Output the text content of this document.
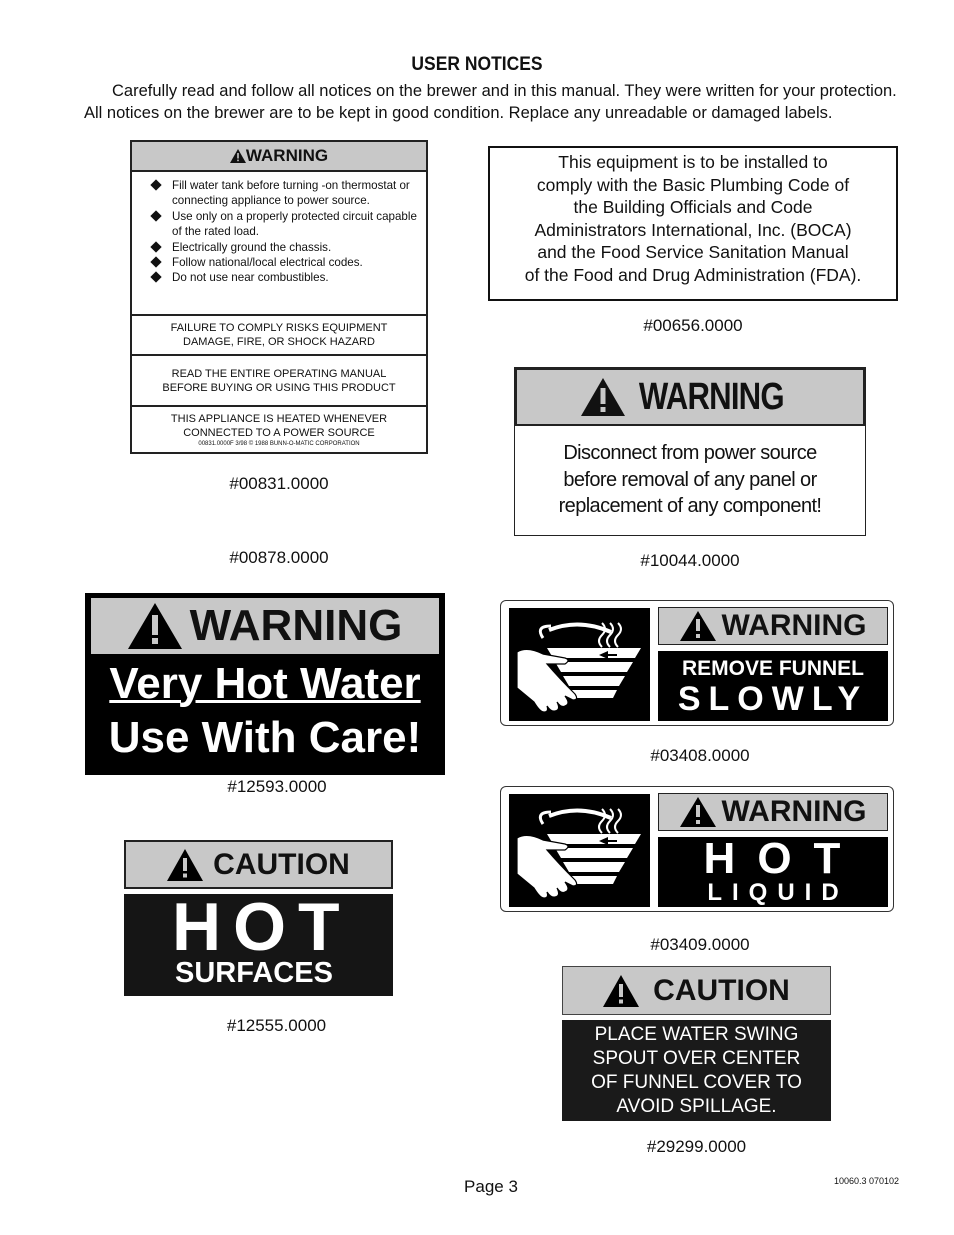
USER NOTICES

Carefully read and follow all notices on the brewer and in this manual. They were written for your protection.

All notices on the brewer are to be kept in good condition. Replace any unreadable or damaged labels.

WARNING
Fill water tank before turning -on thermostat or connecting appliance to power source.
Use only on a properly protected circuit capable of the rated load.
Electrically ground the chassis.
Follow national/local electrical codes.
Do not use near combustibles.
FAILURE TO COMPLY RISKS EQUIPMENT
DAMAGE, FIRE, OR SHOCK HAZARD
READ THE ENTIRE OPERATING MANUAL
BEFORE BUYING OR USING THIS PRODUCT
THIS APPLIANCE IS HEATED WHENEVER
CONNECTED TO A POWER SOURCE
00831.0000F 3/98 © 1988 BUNN-O-MATIC CORPORATION
#00831.0000
#00878.0000
This equipment is to be installed to
comply with the Basic Plumbing Code of
the Building Officials and Code
Administrators International, Inc. (BOCA)
and the Food Service Sanitation Manual
of the Food and Drug Administration (FDA).
#00656.0000
WARNING
Disconnect from power source
before removal of any panel or
replacement of any component!
#10044.0000
WARNING
Very Hot Water
Use With Care!
#12593.0000
CAUTION
HOT
SURFACES
#12555.0000
WARNING
REMOVE FUNNEL
SLOWLY
#03408.0000
WARNING
HOT
LIQUID
#03409.0000
CAUTION
PLACE WATER SWING
SPOUT OVER CENTER
OF FUNNEL COVER TO
AVOID SPILLAGE.
#29299.0000
Page 3	10060.3 070102
